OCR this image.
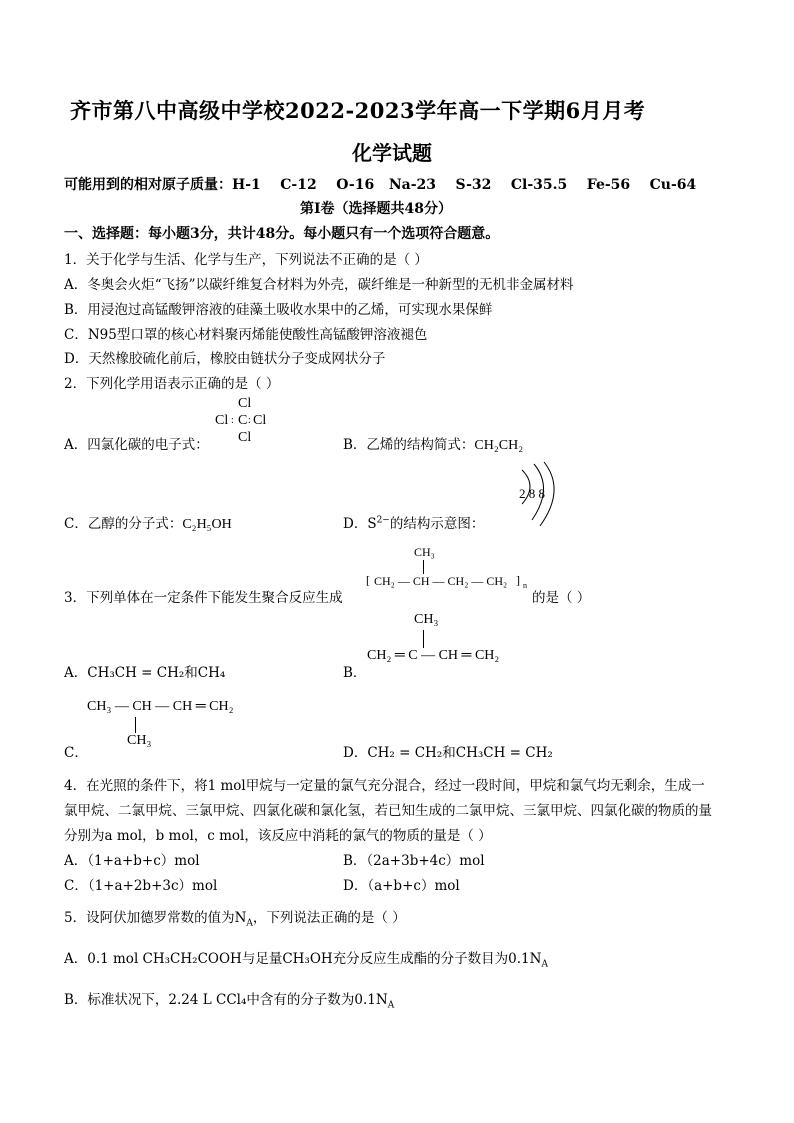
齐市第八中高级中学校2022-2023学年高一下学期6月月考
化学试题
可能用到的相对原子质量：H-1    C-12    O-16   Na-23    S-32    Cl-35.5    Fe-56    Cu-64
第Ⅰ卷（选择题共48分）
一、选择题：每小题3分，共计48分。每小题只有一个选项符合题意。
1．关于化学与生活、化学与生产，下列说法不正确的是（ ）
A．冬奥会火炬“飞扬”以碳纤维复合材料为外壳，碳纤维是一种新型的无机非金属材料
B．用浸泡过高锰酸钾溶液的硅藻土吸收水果中的乙烯，可实现水果保鲜
C．N95型口罩的核心材料聚丙烯能使酸性高锰酸钾溶液褪色
D．天然橡胶硫化前后，橡胶由链状分子变成网状分子
2．下列化学用语表示正确的是（ ）
A．四氯化碳的电子式：
Cl
Cl : C : Cl
Cl	B．乙烯的结构简式：CH₂CH₂
C．乙醇的分子式：C₂H₅OH	D．$S^{2-}$的结构示意图：
2 8 8
3．下列单体在一定条件下能发生聚合反应生成
CH₃
[ CH₂ — CH — CH₂ — CH₂ ] n
的是（ ）
A．CH₃CH = CH₂和CH₄	B．
CH₃
CH₂ ═ C — CH ═ CH₂
CH₃ — CH — CH ═ CH₂
CH₃
C．	D．CH₂ = CH₂和CH₃CH = CH₂
4．在光照的条件下，将1 mol甲烷与一定量的氯气充分混合，经过一段时间，甲烷和氯气均无剩余，生成一
氯甲烷、二氯甲烷、三氯甲烷、四氯化碳和氯化氢，若已知生成的二氯甲烷、三氯甲烷、四氯化碳的物质的量
分别为a mol，b mol，c mol，该反应中消耗的氯气的物质的量是（ ）
A．（1+a+b+c）mol	B．（2a+3b+4c）mol
C．（1+a+2b+3c）mol	D．（a+b+c）mol
5．设阿伏加德罗常数的值为$N_A$，下列说法正确的是（ ）
A．0.1 mol CH₃CH₂COOH与足量CH₃OH充分反应生成酯的分子数目为$0.1N_A$
B．标准状况下，2.24 L CCl₄中含有的分子数为$0.1N_A$
